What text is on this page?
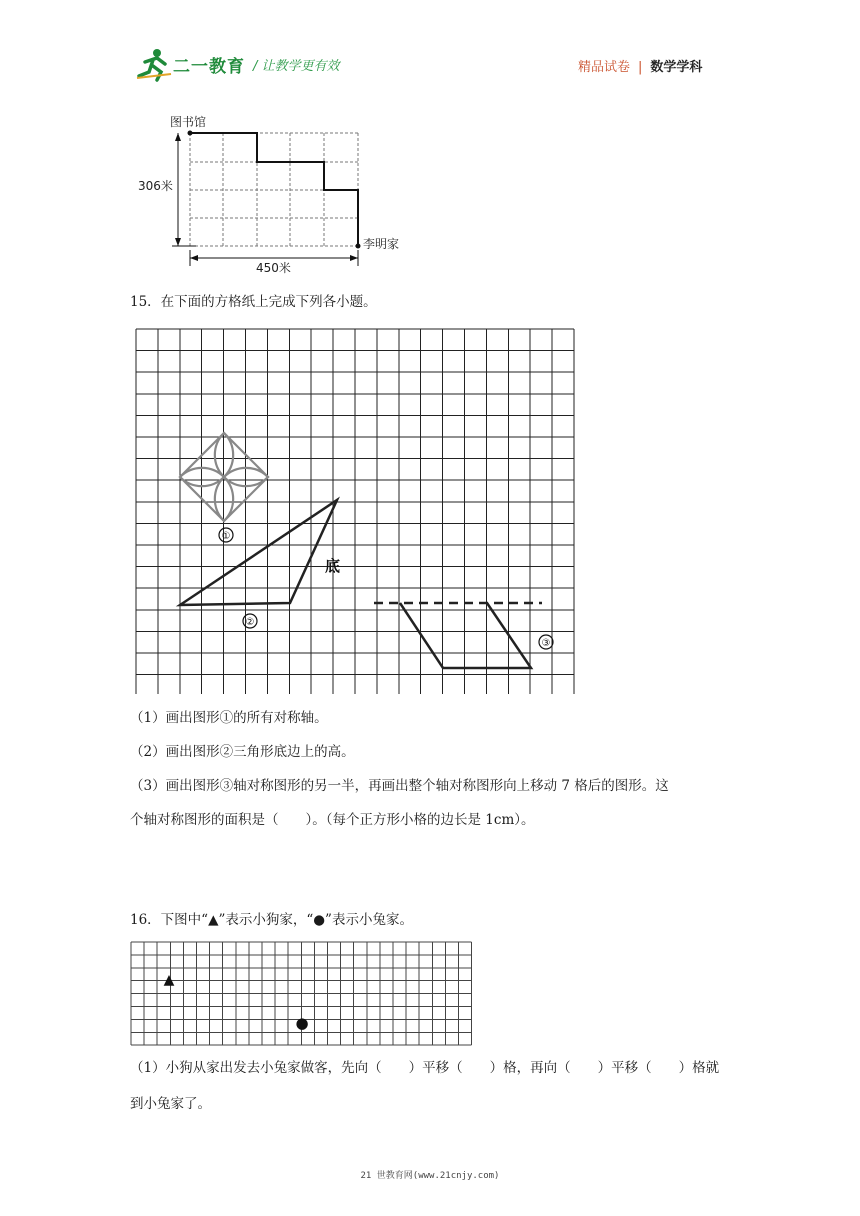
二一教育 / 让教学更有效	精品试卷 | 数学学科
图书馆
李明家
306米
450米
15．在下面的方格纸上完成下列各小题。
底
①
②
③
（1）画出图形①的所有对称轴。
（2）画出图形②三角形底边上的高。
（3）画出图形③轴对称图形的另一半，再画出整个轴对称图形向上移动 7 格后的图形。这
个轴对称图形的面积是（　　）。（每个正方形小格的边长是 1cm）。
16．下图中“▲”表示小狗家，“●”表示小兔家。
▲
●
（1）小狗从家出发去小兔家做客，先向（　　）平移（　　）格，再向（　　）平移（　　）格就
到小兔家了。
21 世教育网(www.21cnjy.com)
